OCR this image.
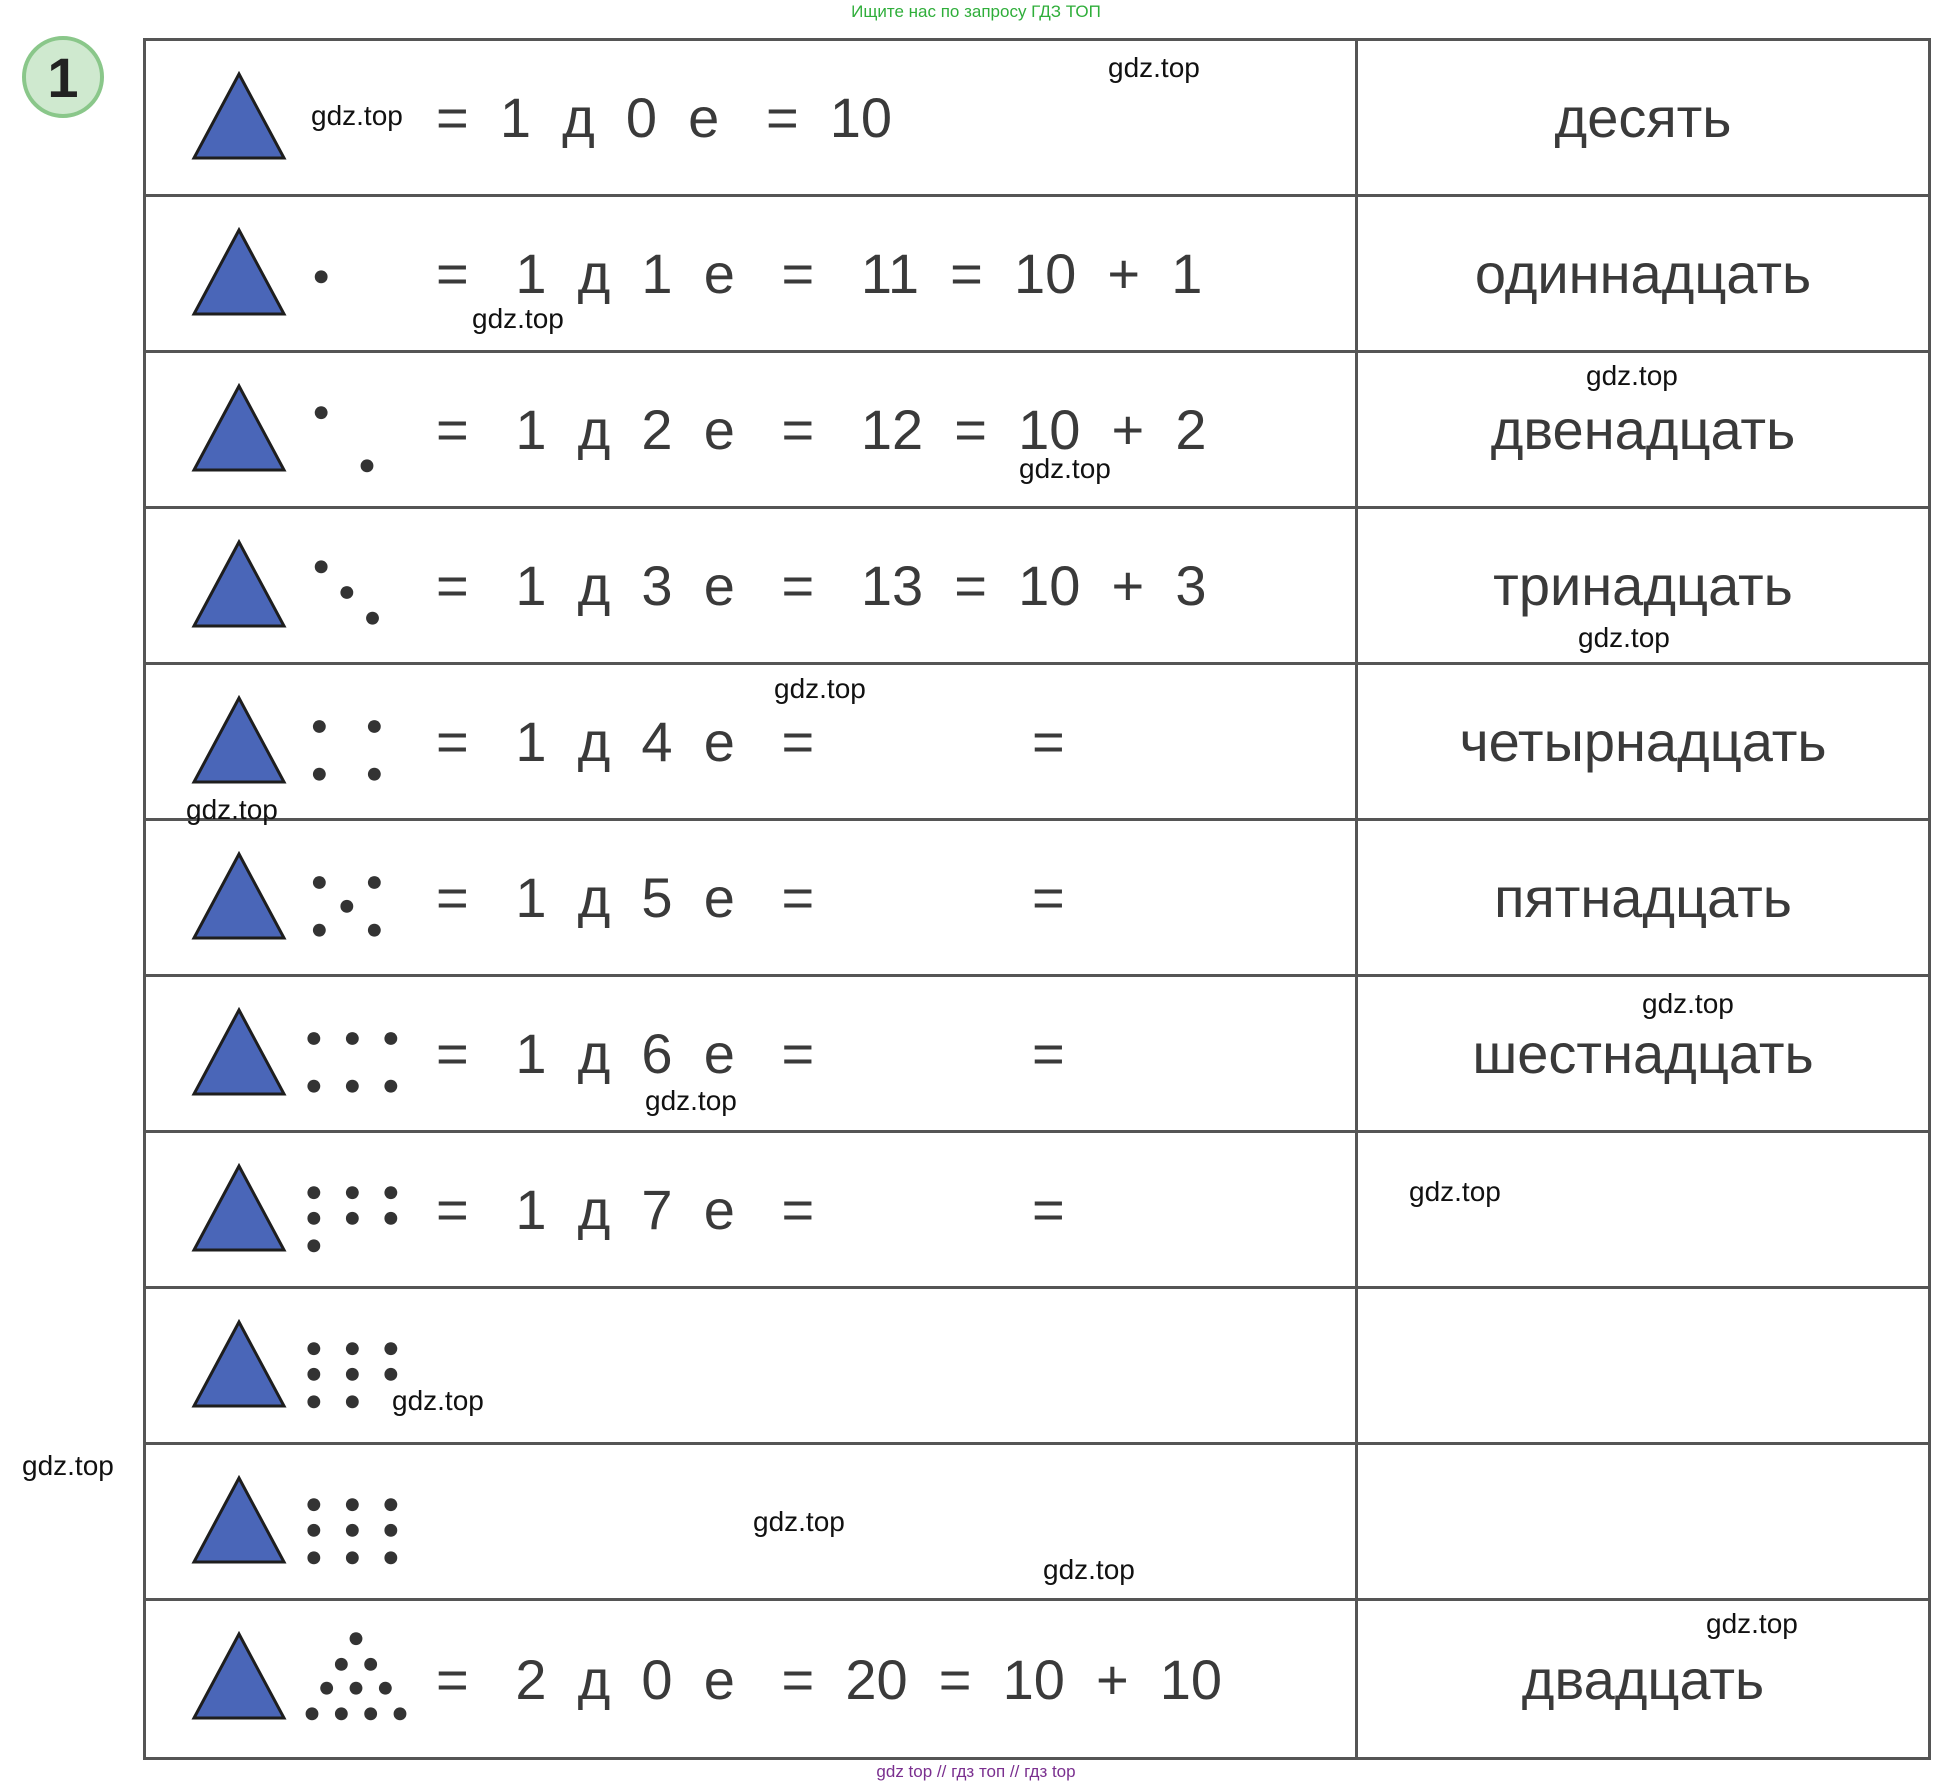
Ищите нас по запросу ГДЗ ТОП
1
=  1  д  0  е   =  10	десять
=   1  д  1  е   =   11  =  10  +  1	одиннадцать
=   1  д  2  е   =   12  =  10  +  2	двенадцать
=   1  д  3  е   =   13  =  10  +  3	тринадцать
=   1  д  4  е   =              =	четырнадцать
=   1  д  5  е   =              =	пятнадцать
=   1  д  6  е   =              =	шестнадцать
=   1  д  7  е   =              =
=   2  д  0  е   =  20  =  10  +  10	двадцать
gdz top // гдз топ // гдз top
gdz.top
gdz.top
gdz.top
gdz.top
gdz.top
gdz.top
gdz.top
gdz.top
gdz.top
gdz.top
gdz.top
gdz.top
gdz.top
gdz.top
gdz.top
gdz.top
